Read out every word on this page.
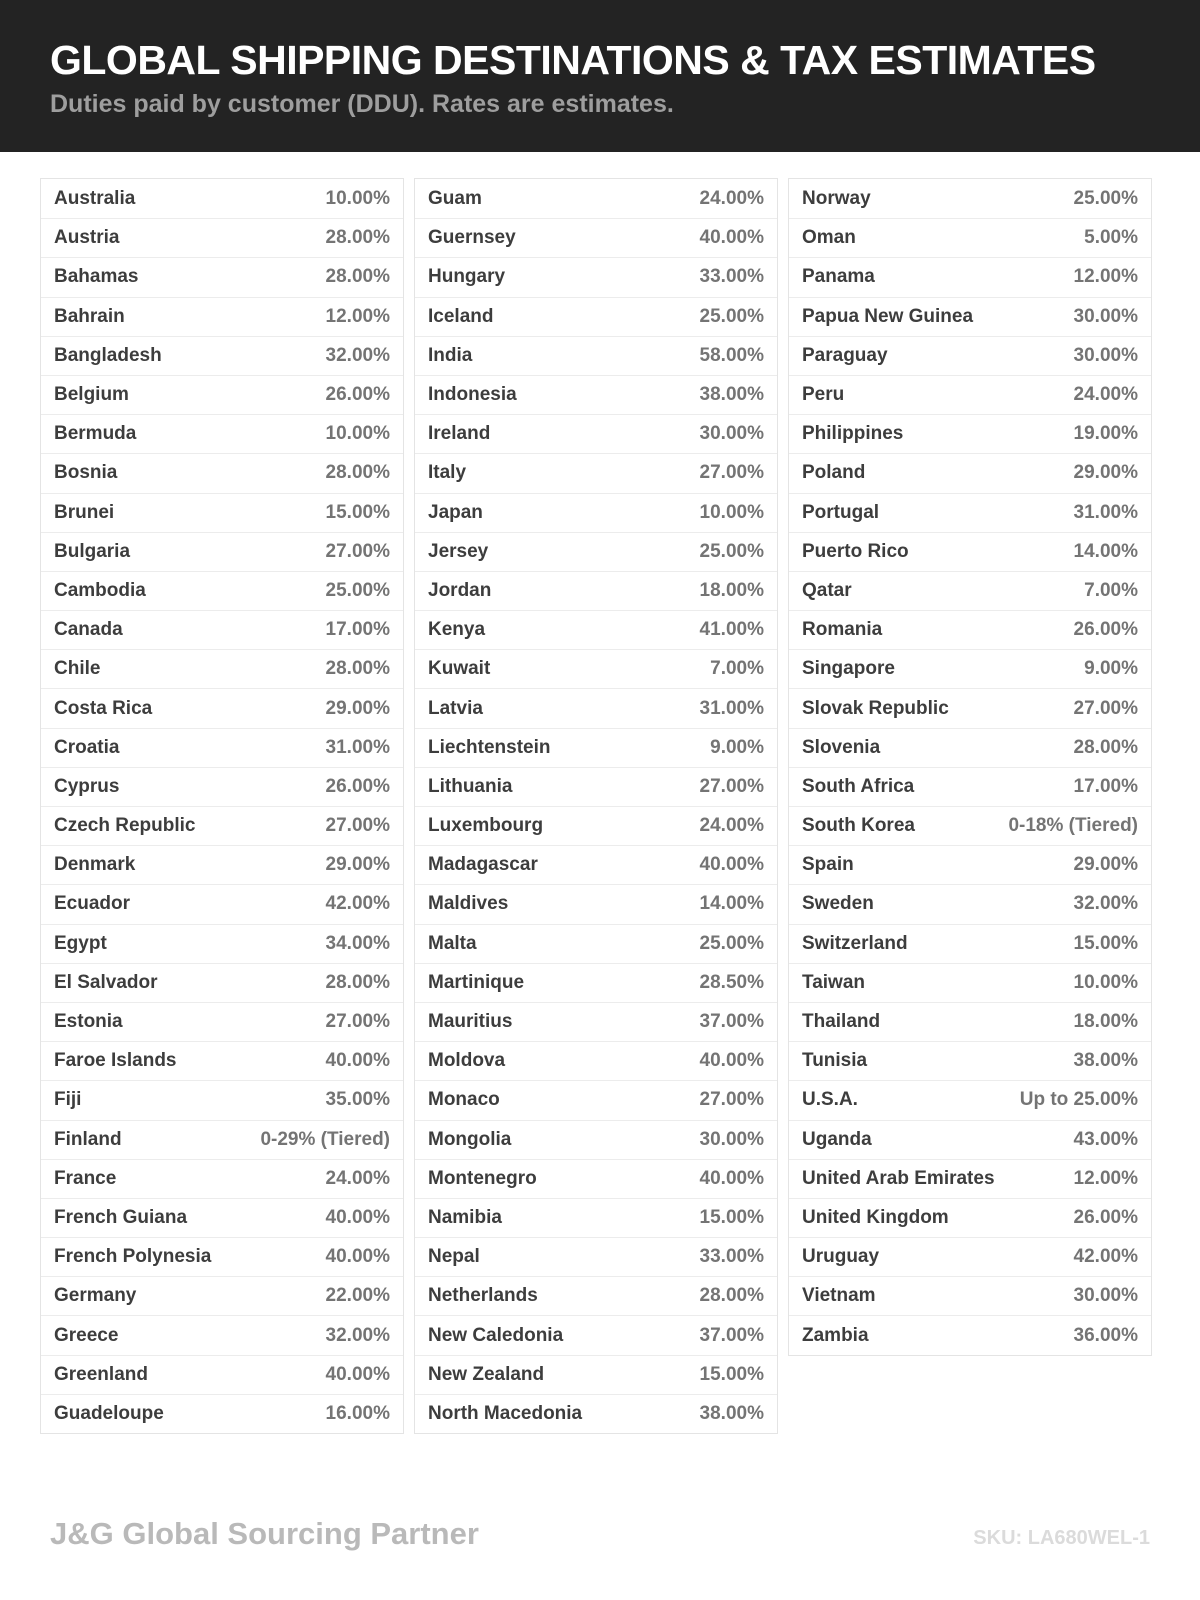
GLOBAL SHIPPING DESTINATIONS & TAX ESTIMATES
Duties paid by customer (DDU). Rates are estimates.
Australia	10.00%
Austria	28.00%
Bahamas	28.00%
Bahrain	12.00%
Bangladesh	32.00%
Belgium	26.00%
Bermuda	10.00%
Bosnia	28.00%
Brunei	15.00%
Bulgaria	27.00%
Cambodia	25.00%
Canada	17.00%
Chile	28.00%
Costa Rica	29.00%
Croatia	31.00%
Cyprus	26.00%
Czech Republic	27.00%
Denmark	29.00%
Ecuador	42.00%
Egypt	34.00%
El Salvador	28.00%
Estonia	27.00%
Faroe Islands	40.00%
Fiji	35.00%
Finland	0-29% (Tiered)
France	24.00%
French Guiana	40.00%
French Polynesia	40.00%
Germany	22.00%
Greece	32.00%
Greenland	40.00%
Guadeloupe	16.00%
Guam	24.00%
Guernsey	40.00%
Hungary	33.00%
Iceland	25.00%
India	58.00%
Indonesia	38.00%
Ireland	30.00%
Italy	27.00%
Japan	10.00%
Jersey	25.00%
Jordan	18.00%
Kenya	41.00%
Kuwait	7.00%
Latvia	31.00%
Liechtenstein	9.00%
Lithuania	27.00%
Luxembourg	24.00%
Madagascar	40.00%
Maldives	14.00%
Malta	25.00%
Martinique	28.50%
Mauritius	37.00%
Moldova	40.00%
Monaco	27.00%
Mongolia	30.00%
Montenegro	40.00%
Namibia	15.00%
Nepal	33.00%
Netherlands	28.00%
New Caledonia	37.00%
New Zealand	15.00%
North Macedonia	38.00%
Norway	25.00%
Oman	5.00%
Panama	12.00%
Papua New Guinea	30.00%
Paraguay	30.00%
Peru	24.00%
Philippines	19.00%
Poland	29.00%
Portugal	31.00%
Puerto Rico	14.00%
Qatar	7.00%
Romania	26.00%
Singapore	9.00%
Slovak Republic	27.00%
Slovenia	28.00%
South Africa	17.00%
South Korea	0-18% (Tiered)
Spain	29.00%
Sweden	32.00%
Switzerland	15.00%
Taiwan	10.00%
Thailand	18.00%
Tunisia	38.00%
U.S.A.	Up to 25.00%
Uganda	43.00%
United Arab Emirates	12.00%
United Kingdom	26.00%
Uruguay	42.00%
Vietnam	30.00%
Zambia	36.00%
J&G Global Sourcing Partner	SKU: LA680WEL-1
